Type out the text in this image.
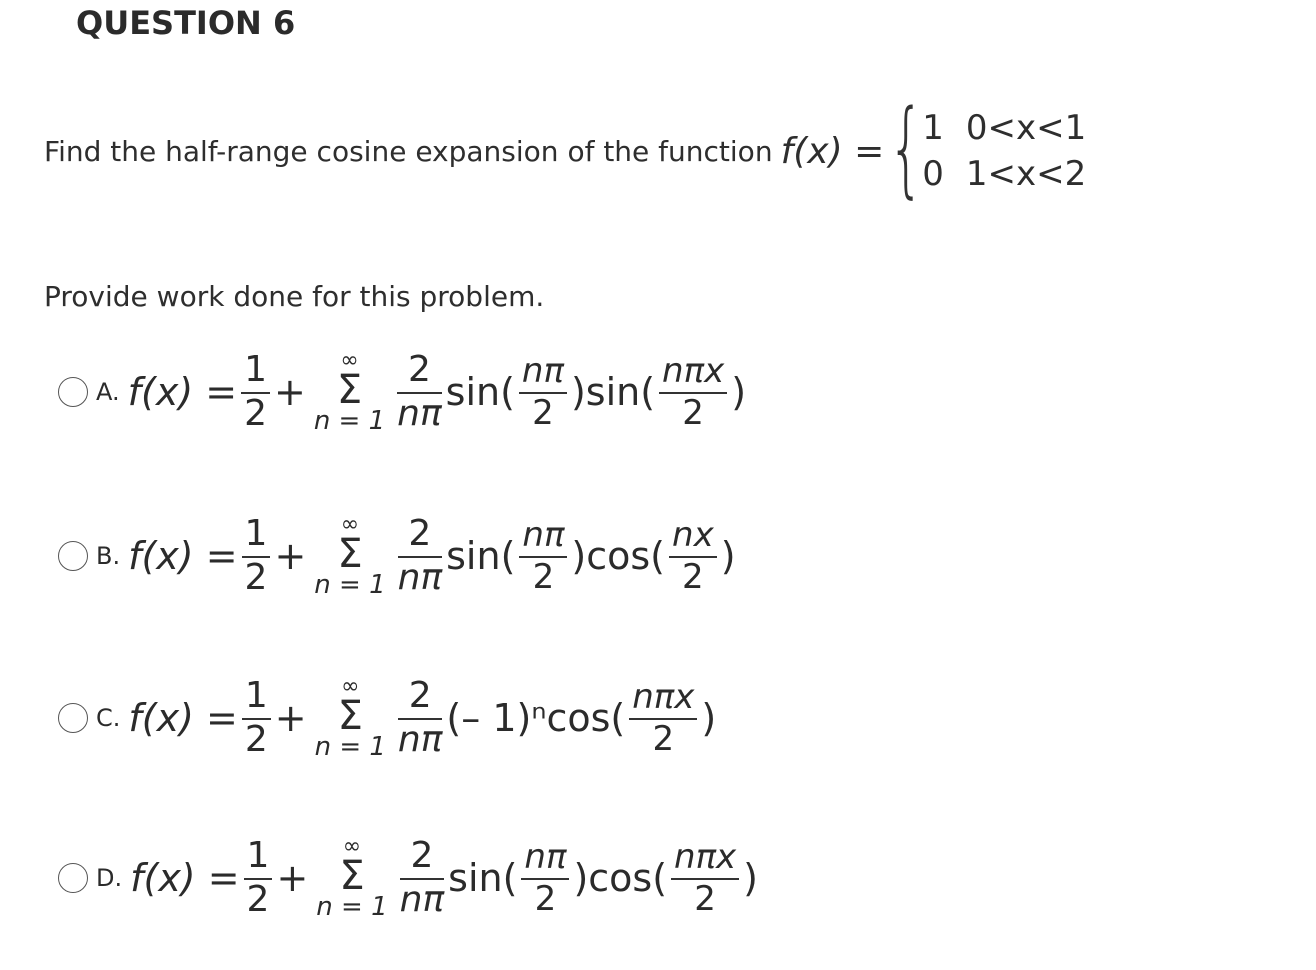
QUESTION 6
Find the half-range cosine expansion of the function f(x) = {
1 0<x<1
0 1<x<2
Provide work done for this problem.
A. $f(x) = \frac{1}{2}$ +
∞
Σ
$n = 1 \frac{2}{n\pi} \sin( \frac{n\pi}{2} )\sin( \frac{\text{nπx}}{2}$ )
B. $f(x) = \frac{1}{2}$ +
∞
Σ
$n = 1 \frac{2}{n\pi} \sin( \frac{n\pi}{2} )\cos( \frac{nx}{2}$ )
C. $f(x) = \frac{1}{2}$ +
∞
Σ
$n = 1 \frac{2}{n\pi}$ (– $1)^n\cos( \frac{\text{nπx}}{2}$ )
D. $f(x) = \frac{1}{2}$ +
∞
Σ
$n = 1 \frac{2}{n\pi} \sin( \frac{n\pi}{2} )\cos( \frac{\text{nπx}}{2}$ )
